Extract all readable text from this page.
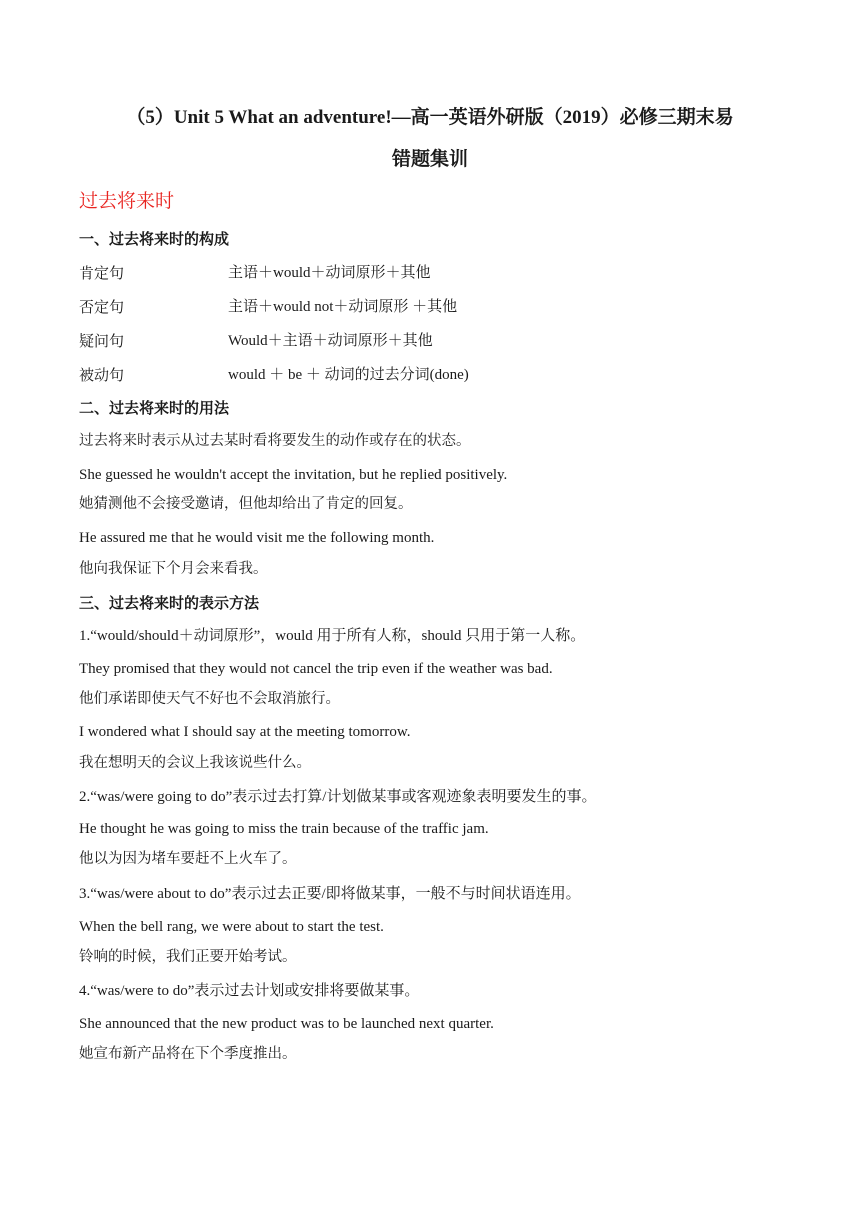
（5）Unit 5 What an adventure!—高一英语外研版（2019）必修三期末易
错题集训
过去将来时
一、过去将来时的构成
肯定句	主语＋would＋动词原形＋其他
否定句	主语＋would not＋动词原形 ＋其他
疑问句	Would＋主语＋动词原形＋其他
被动句	would ＋ be ＋ 动词的过去分词(done)
二、过去将来时的用法
过去将来时表示从过去某时看将要发生的动作或存在的状态。
She guessed he wouldn't accept the invitation, but he replied positively.
她猜测他不会接受邀请，但他却给出了肯定的回复。
He assured me that he would visit me the following month.
他向我保证下个月会来看我。
三、过去将来时的表示方法
1.“would/should＋动词原形”，would 用于所有人称，should 只用于第一人称。
They promised that they would not cancel the trip even if the weather was bad.
他们承诺即使天气不好也不会取消旅行。
I wondered what I should say at the meeting tomorrow.
我在想明天的会议上我该说些什么。
2.“was/were going to do”表示过去打算/计划做某事或客观迹象表明要发生的事。
He thought he was going to miss the train because of the traffic jam.
他以为因为堵车要赶不上火车了。
3.“was/were about to do”表示过去正要/即将做某事，一般不与时间状语连用。
When the bell rang, we were about to start the test.
铃响的时候，我们正要开始考试。
4.“was/were to do”表示过去计划或安排将要做某事。
She announced that the new product was to be launched next quarter.
她宣布新产品将在下个季度推出。
